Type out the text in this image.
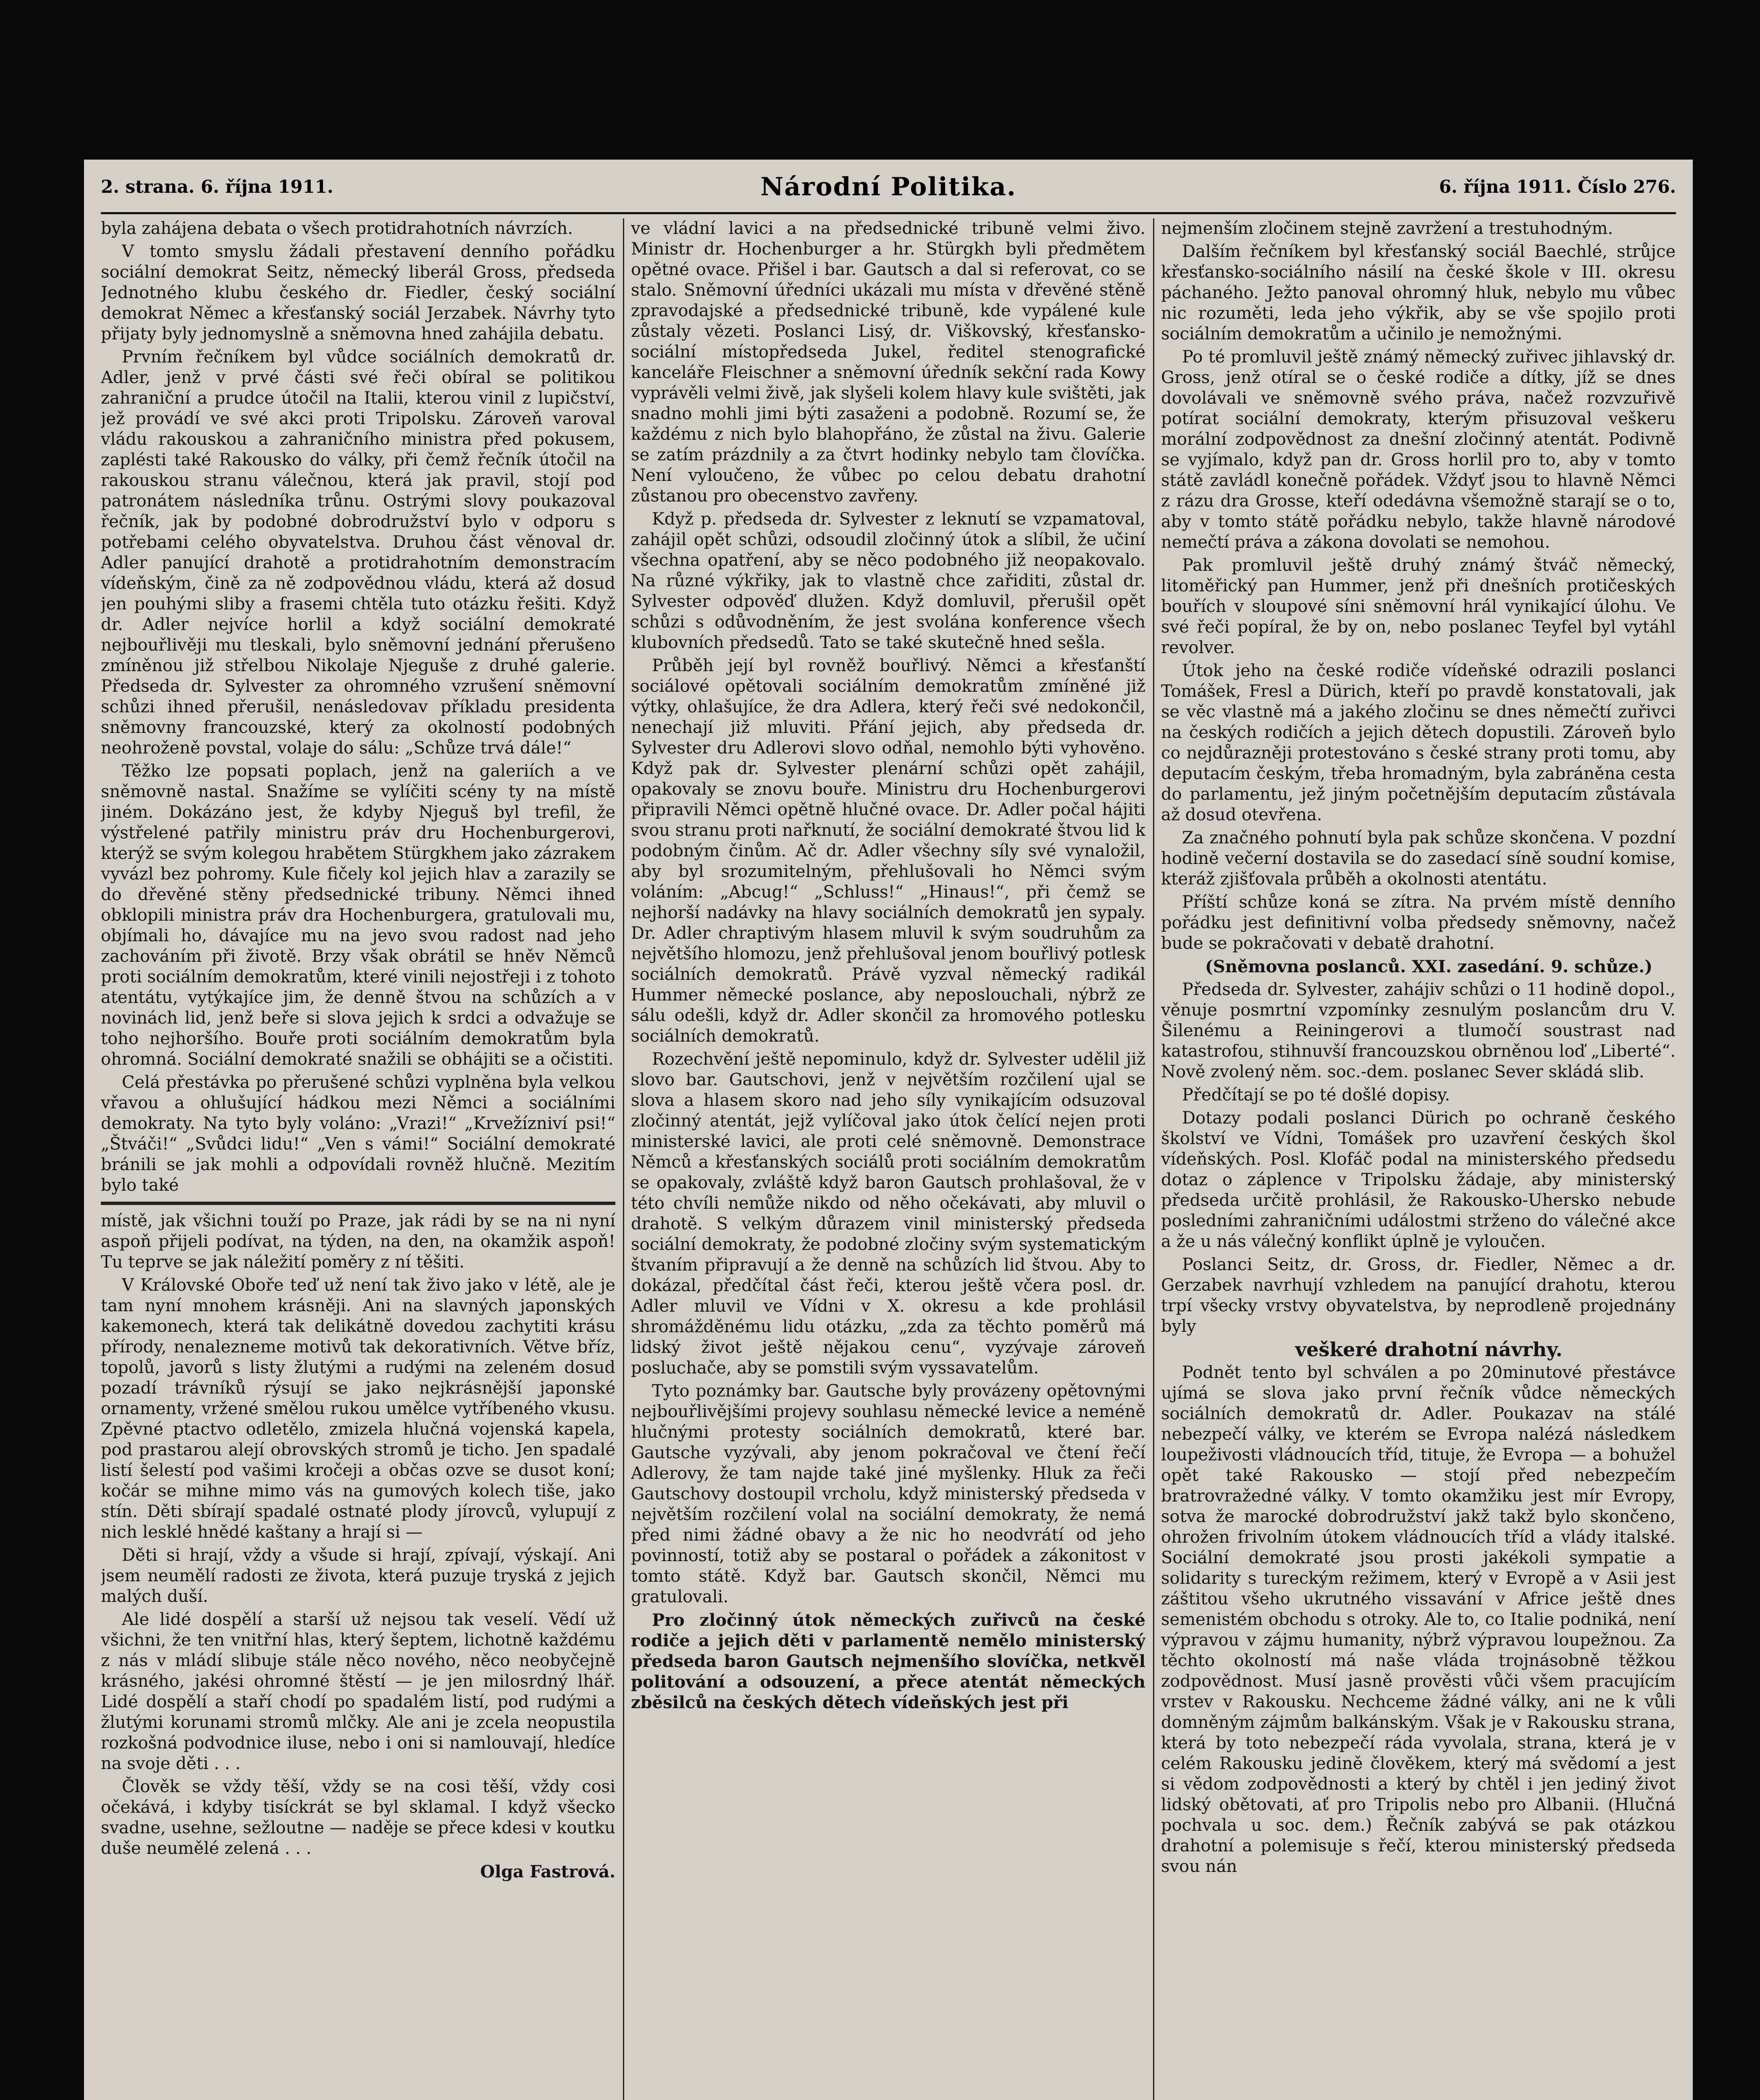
2. strana. 6. října 1911.	Národní Politika.	6. října 1911. Číslo 276.

byla zahájena debata o všech protidrahotních návrzích.

V tomto smyslu žádali přestavení denního pořádku sociální demokrat Seitz, německý liberál Gross, předseda Jednotného klubu českého dr. Fiedler, český sociální demokrat Němec a křesťanský sociál Jerzabek. Návrhy tyto přijaty byly jednomyslně a sněmovna hned zahájila debatu.

Prvním řečníkem byl vůdce sociálních demokratů dr. Adler, jenž v prvé části své řeči obíral se politikou zahraniční a prudce útočil na Italii, kterou vinil z lupičství, jež provádí ve své akci proti Tripolsku. Zároveň varoval vládu rakouskou a zahraničního ministra před pokusem, zaplésti také Rakousko do války, při čemž řečník útočil na rakouskou stranu válečnou, která jak pravil, stojí pod patronátem následníka trůnu. Ostrými slovy poukazoval řečník, jak by podobné dobrodružství bylo v odporu s potřebami celého obyvatelstva. Druhou část věnoval dr. Adler panující drahotě a protidrahotním demonstracím vídeňským, čině za ně zodpovědnou vládu, která až dosud jen pouhými sliby a frasemi chtěla tuto otázku řešiti. Když dr. Adler nejvíce horlil a když sociální demokraté nejbouřlivěji mu tleskali, bylo sněmovní jednání přerušeno zmíněnou již střelbou Nikolaje Njeguše z druhé galerie. Předseda dr. Sylvester za ohromného vzrušení sněmovní schůzi ihned přerušil, nenásledovav příkladu presidenta sněmovny francouzské, který za okolností podobných neohroženě povstal, volaje do sálu: „Schůze trvá dále!“

Těžko lze popsati poplach, jenž na galeriích a ve sněmovně nastal. Snažíme se vylíčiti scény ty na místě jiném. Dokázáno jest, že kdyby Njeguš byl trefil, že výstřelené patřily ministru práv dru Hochenburgerovi, kterýž se svým kolegou hrabětem Stürgkhem jako zázrakem vyvázl bez pohromy. Kule fičely kol jejich hlav a zarazily se do dřevěné stěny předsednické tribuny. Němci ihned obklopili ministra práv dra Hochenburgera, gratulovali mu, objímali ho, dávajíce mu na jevo svou radost nad jeho zachováním při životě. Brzy však obrátil se hněv Němců proti sociálním demokratům, které vinili nejostřeji i z tohoto atentátu, vytýkajíce jim, že denně štvou na schůzích a v novinách lid, jenž beře si slova jejich k srdci a odvažuje se toho nejhoršího. Bouře proti sociálním demokratům byla ohromná. Sociální demokraté snažili se obhájiti se a očistiti.

Celá přestávka po přerušené schůzi vyplněna byla velkou vřavou a ohlušující hádkou mezi Němci a sociálními demokraty. Na tyto byly voláno: „Vrazi!“ „Krvežízniví psi!“ „Štváči!“ „Svůdci lidu!“ „Ven s vámi!“ Sociální demokraté bránili se jak mohli a odpovídali rovněž hlučně. Mezitím bylo také

místě, jak všichni touží po Praze, jak rádi by se na ni nyní aspoň přijeli podívat, na týden, na den, na okamžik aspoň! Tu teprve se jak náležití poměry z ní těšiti.

V Královské Oboře teď už není tak živo jako v létě, ale je tam nyní mnohem krásněji. Ani na slavných japonských kakemonech, která tak delikátně dovedou zachytiti krásu přírody, nenalezneme motivů tak dekorativních. Větve bříz, topolů, javorů s listy žlutými a rudými na zeleném dosud pozadí trávníků rýsují se jako nejkrásnější japonské ornamenty, vržené smělou rukou umělce vytříbeného vkusu. Zpěvné ptactvo odletělo, zmizela hlučná vojenská kapela, pod prastarou alejí obrovských stromů je ticho. Jen spadalé listí šelestí pod vašimi kročeji a občas ozve se dusot koní; kočár se mihne mimo vás na gumových kolech tiše, jako stín. Děti sbírají spadalé ostnaté plody jírovců, vylupují z nich lesklé hnědé kaštany a hrají si —

Děti si hrají, vždy a všude si hrají, zpívají, výskají. Ani jsem neumělí radosti ze života, která puzuje tryská z jejich malých duší.

Ale lidé dospělí a starší už nejsou tak veselí. Vědí už všichni, že ten vnitřní hlas, který šeptem, lichotně každému z nás v mládí slibuje stále něco nového, něco neobyčejně krásného, jakési ohromné štěstí — je jen milosrdný lhář. Lidé dospělí a staří chodí po spadalém listí, pod rudými a žlutými korunami stromů mlčky. Ale ani je zcela neopustila rozkošná podvodnice iluse, nebo i oni si namlouvají, hledíce na svoje děti . . .

Člověk se vždy těší, vždy se na cosi těší, vždy cosi očekává, i kdyby tisíckrát se byl sklamal. I když všecko svadne, usehne, sežloutne — naděje se přece kdesi v koutku duše neumělé zelená . . .

Olga Fastrová.

ve vládní lavici a na předsednické tribuně velmi živo. Ministr dr. Hochenburger a hr. Stürgkh byli předmětem opětné ovace. Přišel i bar. Gautsch a dal si referovat, co se stalo. Sněmovní úředníci ukázali mu místa v dřevěné stěně zpravodajské a předsednické tribuně, kde vypálené kule zůstaly vězeti. Poslanci Lisý, dr. Viškovský, křesťansko-sociální místopředseda Jukel, ředitel stenografické kanceláře Fleischner a sněmovní úředník sekční rada Kowy vyprávěli velmi živě, jak slyšeli kolem hlavy kule svištěti, jak snadno mohli jimi býti zasaženi a podobně. Rozumí se, že každému z nich bylo blahopřáno, že zůstal na živu. Galerie se zatím prázdnily a za čtvrt hodinky nebylo tam človíčka. Není vyloučeno, že vůbec po celou debatu drahotní zůstanou pro obecenstvo zavřeny.

Když p. předseda dr. Sylvester z leknutí se vzpamatoval, zahájil opět schůzi, odsoudil zločinný útok a slíbil, že učiní všechna opatření, aby se něco podobného již neopakovalo. Na různé výkřiky, jak to vlastně chce zařiditi, zůstal dr. Sylvester odpověď dlužen. Když domluvil, přerušil opět schůzi s odůvodněním, že jest svolána konference všech klubovních předsedů. Tato se také skutečně hned sešla.

Průběh její byl rovněž bouřlivý. Němci a křesťanští sociálové opětovali sociálním demokratům zmíněné již výtky, ohlašujíce, že dra Adlera, který řeči své nedokončil, nenechají již mluviti. Přání jejich, aby předseda dr. Sylvester dru Adlerovi slovo odňal, nemohlo býti vyhověno. Když pak dr. Sylvester plenární schůzi opět zahájil, opakovaly se znovu bouře. Ministru dru Hochenburgerovi připravili Němci opětně hlučné ovace. Dr. Adler počal hájiti svou stranu proti nařknutí, že sociální demokraté štvou lid k podobným činům. Ač dr. Adler všechny síly své vynaložil, aby byl srozumitelným, přehlušovali ho Němci svým voláním: „Abcug!“ „Schluss!“ „Hinaus!“, při čemž se nejhorší nadávky na hlavy sociálních demokratů jen sypaly. Dr. Adler chraptivým hlasem mluvil k svým soudruhům za největšího hlomozu, jenž přehlušoval jenom bouřlivý potlesk sociálních demokratů. Právě vyzval německý radikál Hummer německé poslance, aby neposlouchali, nýbrž ze sálu odešli, když dr. Adler skončil za hromového potlesku sociálních demokratů.

Rozechvění ještě nepominulo, když dr. Sylvester udělil již slovo bar. Gautschovi, jenž v největším rozčilení ujal se slova a hlasem skoro nad jeho síly vynikajícím odsuzoval zločinný atentát, jejž vylíčoval jako útok čelící nejen proti ministerské lavici, ale proti celé sněmovně. Demonstrace Němců a křesťanských sociálů proti sociálním demokratům se opakovaly, zvláště když baron Gautsch prohlašoval, že v této chvíli nemůže nikdo od něho očekávati, aby mluvil o drahotě. S velkým důrazem vinil ministerský předseda sociální demokraty, že podobné zločiny svým systematickým štvaním připravují a že denně na schůzích lid štvou. Aby to dokázal, předčítal část řeči, kterou ještě včera posl. dr. Adler mluvil ve Vídni v X. okresu a kde prohlásil shromážděnému lidu otázku, „zda za těchto poměrů má lidský život ještě nějakou cenu“, vyzývaje zároveň posluchače, aby se pomstili svým vyssavatelům.

Tyto poznámky bar. Gautsche byly provázeny opětovnými nejbouřlivějšími projevy souhlasu německé levice a neméně hlučnými protesty sociálních demokratů, které bar. Gautsche vyzývali, aby jenom pokračoval ve čtení řečí Adlerovy, že tam najde také jiné myšlenky. Hluk za řeči Gautschovy dostoupil vrcholu, když ministerský předseda v největším rozčilení volal na sociální demokraty, že nemá před nimi žádné obavy a že nic ho neodvrátí od jeho povinností, totiž aby se postaral o pořádek a zákonitost v tomto státě. Když bar. Gautsch skončil, Němci mu gratulovali.

Pro zločinný útok německých zuřivců na české rodiče a jejich děti v parlamentě nemělo ministerský předseda baron Gautsch nejmenšího slovíčka, netkvěl politování a odsouzení, a přece atentát německých zběsilců na českých dětech vídeňských jest při

nejmenším zločinem stejně zavržení a trestuhodným.

Dalším řečníkem byl křesťanský sociál Baechlé, strůjce křesťansko-sociálního násilí na české škole v III. okresu páchaného. Ježto panoval ohromný hluk, nebylo mu vůbec nic rozuměti, leda jeho výkřik, aby se vše spojilo proti sociálním demokratům a učinilo je nemožnými.

Po té promluvil ještě známý německý zuřivec jihlavský dr. Gross, jenž otíral se o české rodiče a dítky, jíž se dnes dovolávali ve sněmovně svého práva, načež rozvzuřivě potírat sociální demokraty, kterým přisuzoval veškeru morální zodpovědnost za dnešní zločinný atentát. Podivně se vyjímalo, když pan dr. Gross horlil pro to, aby v tomto státě zavládl konečně pořádek. Vždyť jsou to hlavně Němci z rázu dra Grosse, kteří odedávna všemožně starají se o to, aby v tomto státě pořádku nebylo, takže hlavně národové nemečtí práva a zákona dovolati se nemohou.

Pak promluvil ještě druhý známý štváč německý, litoměřický pan Hummer, jenž při dnešních protičeských bouřích v sloupové síni sněmovní hrál vynikající úlohu. Ve své řeči popíral, že by on, nebo poslanec Teyfel byl vytáhl revolver.

Útok jeho na české rodiče vídeňské odrazili poslanci Tomášek, Fresl a Dürich, kteří po pravdě konstatovali, jak se věc vlastně má a jakého zločinu se dnes němečtí zuřivci na českých rodičích a jejich dětech dopustili. Zároveň bylo co nejdůrazněji protestováno s české strany proti tomu, aby deputacím českým, třeba hromadným, byla zabráněna cesta do parlamentu, jež jiným početnějším deputacím zůstávala až dosud otevřena.

Za značného pohnutí byla pak schůze skončena. V pozdní hodině večerní dostavila se do zasedací síně soudní komise, kteráž zjišťovala průběh a okolnosti atentátu.

Příští schůze koná se zítra. Na prvém místě denního pořádku jest definitivní volba předsedy sněmovny, načež bude se pokračovati v debatě drahotní.

(Sněmovna poslanců. XXI. zasedání. 9. schůze.)

Předseda dr. Sylvester, zahájiv schůzi o 11 hodině dopol., věnuje posmrtní vzpomínky zesnulým poslancům dru V. Šilenému a Reiningerovi a tlumočí soustrast nad katastrofou, stihnuvší francouzskou obrněnou loď „Liberté“. Nově zvolený něm. soc.-dem. poslanec Sever skládá slib.

Předčítají se po té došlé dopisy.

Dotazy podali poslanci Dürich po ochraně českého školství ve Vídni, Tomášek pro uzavření českých škol vídeňských. Posl. Klofáč podal na ministerského předsedu dotaz o záplence v Tripolsku žádaje, aby ministerský předseda určitě prohlásil, že Rakousko-Uhersko nebude posledními zahraničními událostmi strženo do válečné akce a že u nás válečný konflikt úplně je vyloučen.

Poslanci Seitz, dr. Gross, dr. Fiedler, Němec a dr. Gerzabek navrhují vzhledem na panující drahotu, kterou trpí všecky vrstvy obyvatelstva, by neprodleně projednány byly

veškeré drahotní návrhy.

Podnět tento byl schválen a po 20minutové přestávce ujímá se slova jako první řečník vůdce německých sociálních demokratů dr. Adler. Poukazav na stálé nebezpečí války, ve kterém se Evropa nalézá následkem loupeživosti vládnoucích tříd, tituje, že Evropa — a bohužel opět také Rakousko — stojí před nebezpečím bratrovražedné války. V tomto okamžiku jest mír Evropy, sotva že marocké dobrodružství jakž takž bylo skončeno, ohrožen frivolním útokem vládnoucích tříd a vlády italské. Sociální demokraté jsou prosti jakékoli sympatie a solidarity s tureckým režimem, který v Evropě a v Asii jest záštitou všeho ukrutného vissavání v Africe ještě dnes semenistém obchodu s otroky. Ale to, co Italie podniká, není výpravou v zájmu humanity, nýbrž výpravou loupežnou. Za těchto okolností má naše vláda trojnásobně těžkou zodpovědnost. Musí jasně prověsti vůči všem pracujícím vrstev v Rakousku. Nechceme žádné války, ani ne k vůli domněným zájmům balkánským. Však je v Rakousku strana, která by toto nebezpečí ráda vyvolala, strana, která je v celém Rakousku jedině člověkem, který má svědomí a jest si vědom zodpovědnosti a který by chtěl i jen jediný život lidský obětovati, ať pro Tripolis nebo pro Albanii. (Hlučná pochvala u soc. dem.) Řečník zabývá se pak otázkou drahotní a polemisuje s řečí, kterou ministerský předseda svou nán
